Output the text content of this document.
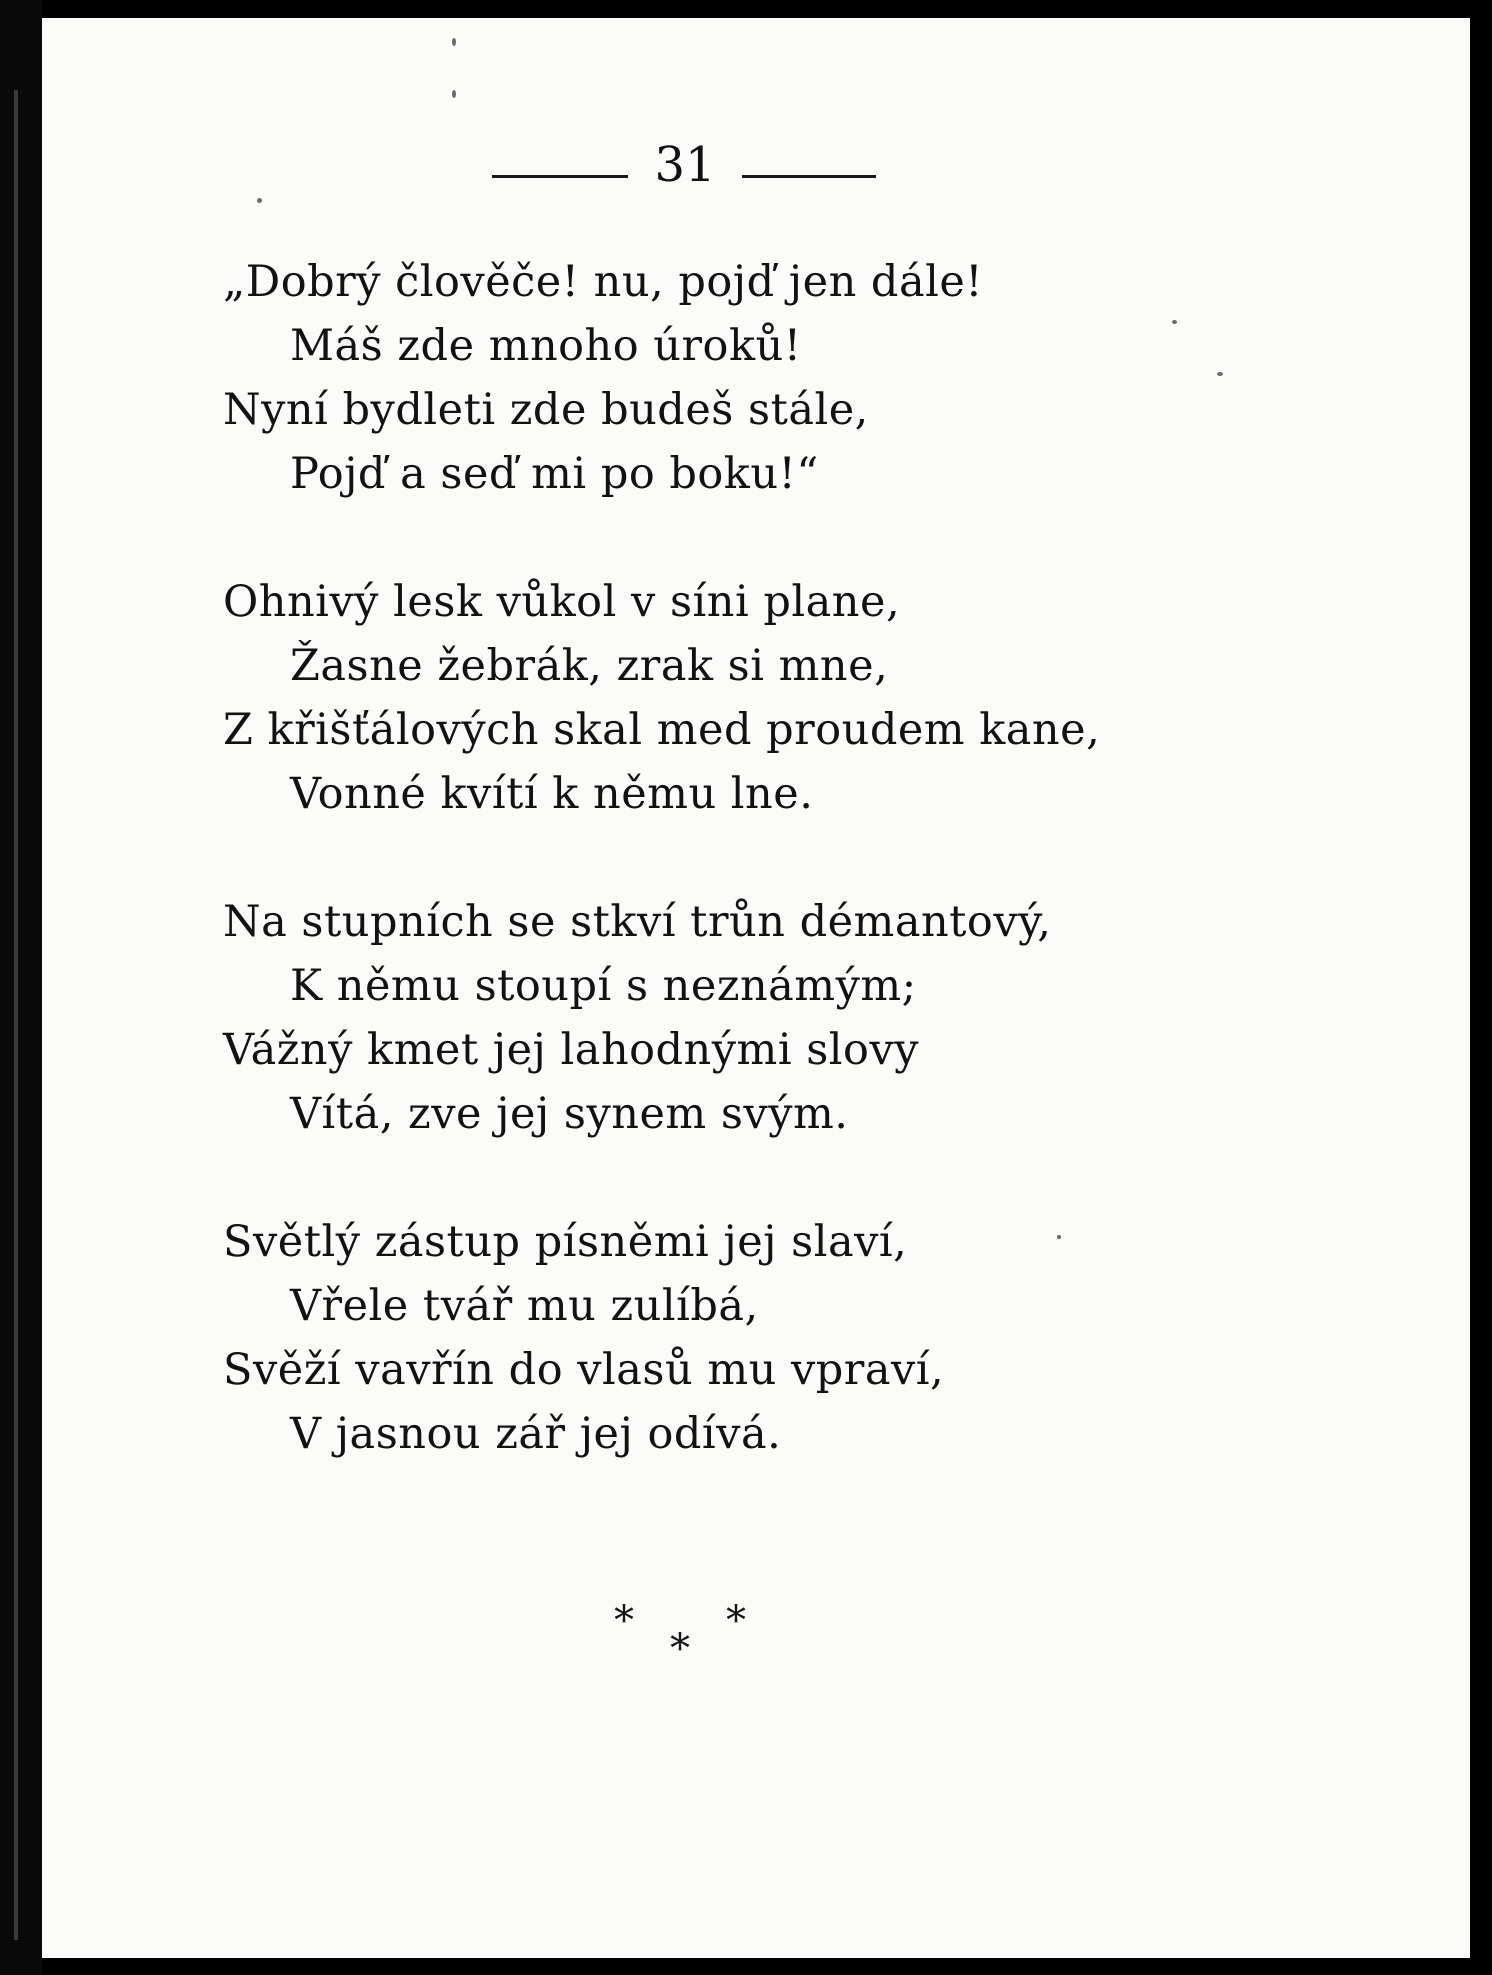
31
„Dobrý člověče! nu, pojď jen dále!
Máš zde mnoho úroků!
Nyní bydleti zde budeš stále,
Pojď a seď mi po boku!“
Ohnivý lesk vůkol v síni plane,
Žasne žebrák, zrak si mne,
Z křišťálových skal med proudem kane,
Vonné kvítí k němu lne.
Na stupních se stkví trůn démantový,
K němu stoupí s neznámým;
Vážný kmet jej lahodnými slovy
Vítá, zve jej synem svým.
Světlý zástup písněmi jej slaví,
Vřele tvář mu zulíbá,
Svěží vavřín do vlasů mu vpraví,
V jasnou zář jej odívá.
* *
*
